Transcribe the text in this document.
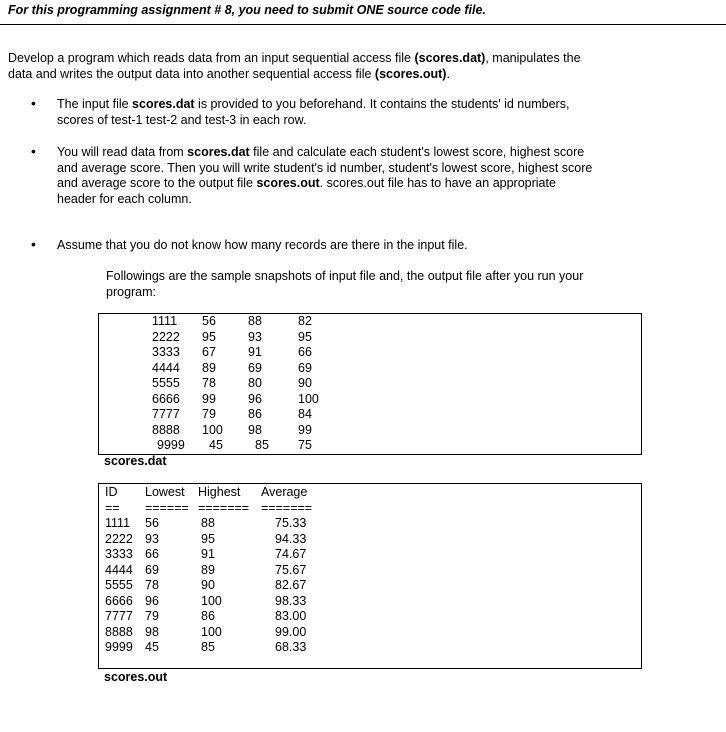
For this programming assignment # 8, you need to submit ONE source code file.
Develop a program which reads data from an input sequential access file (scores.dat), manipulates the
data and writes the output data into another sequential access file (scores.out).
• The input file scores.dat is provided to you beforehand. It contains the students' id numbers,
scores of test-1 test-2 and test-3 in each row.
• You will read data from scores.dat file and calculate each student's lowest score, highest score
and average score. Then you will write student's id number, student's lowest score, highest score
and average score to the output file scores.out. scores.out file has to have an appropriate
header for each column.
• Assume that you do not know how many records are there in the input file.
Followings are the sample snapshots of input file and, the output file after you run your
program:
1111
2222
3333
4444
5555
6666
7777
8888
9999
56
95
67
89
78
99
79
100
45
88
93
91
69
80
96
86
98
85
82
95
66
69
90
100
84
99
75
scores.dat
ID
==
Lowest
======
Highest
=======
Average
=======
1111
2222
3333
4444
5555
6666
7777
8888
9999
56
93
66
69
78
96
79
98
45
88
95
91
89
90
100
86
100
85
75.33
94.33
74.67
75.67
82.67
98.33
83.00
99.00
68.33
scores.out
